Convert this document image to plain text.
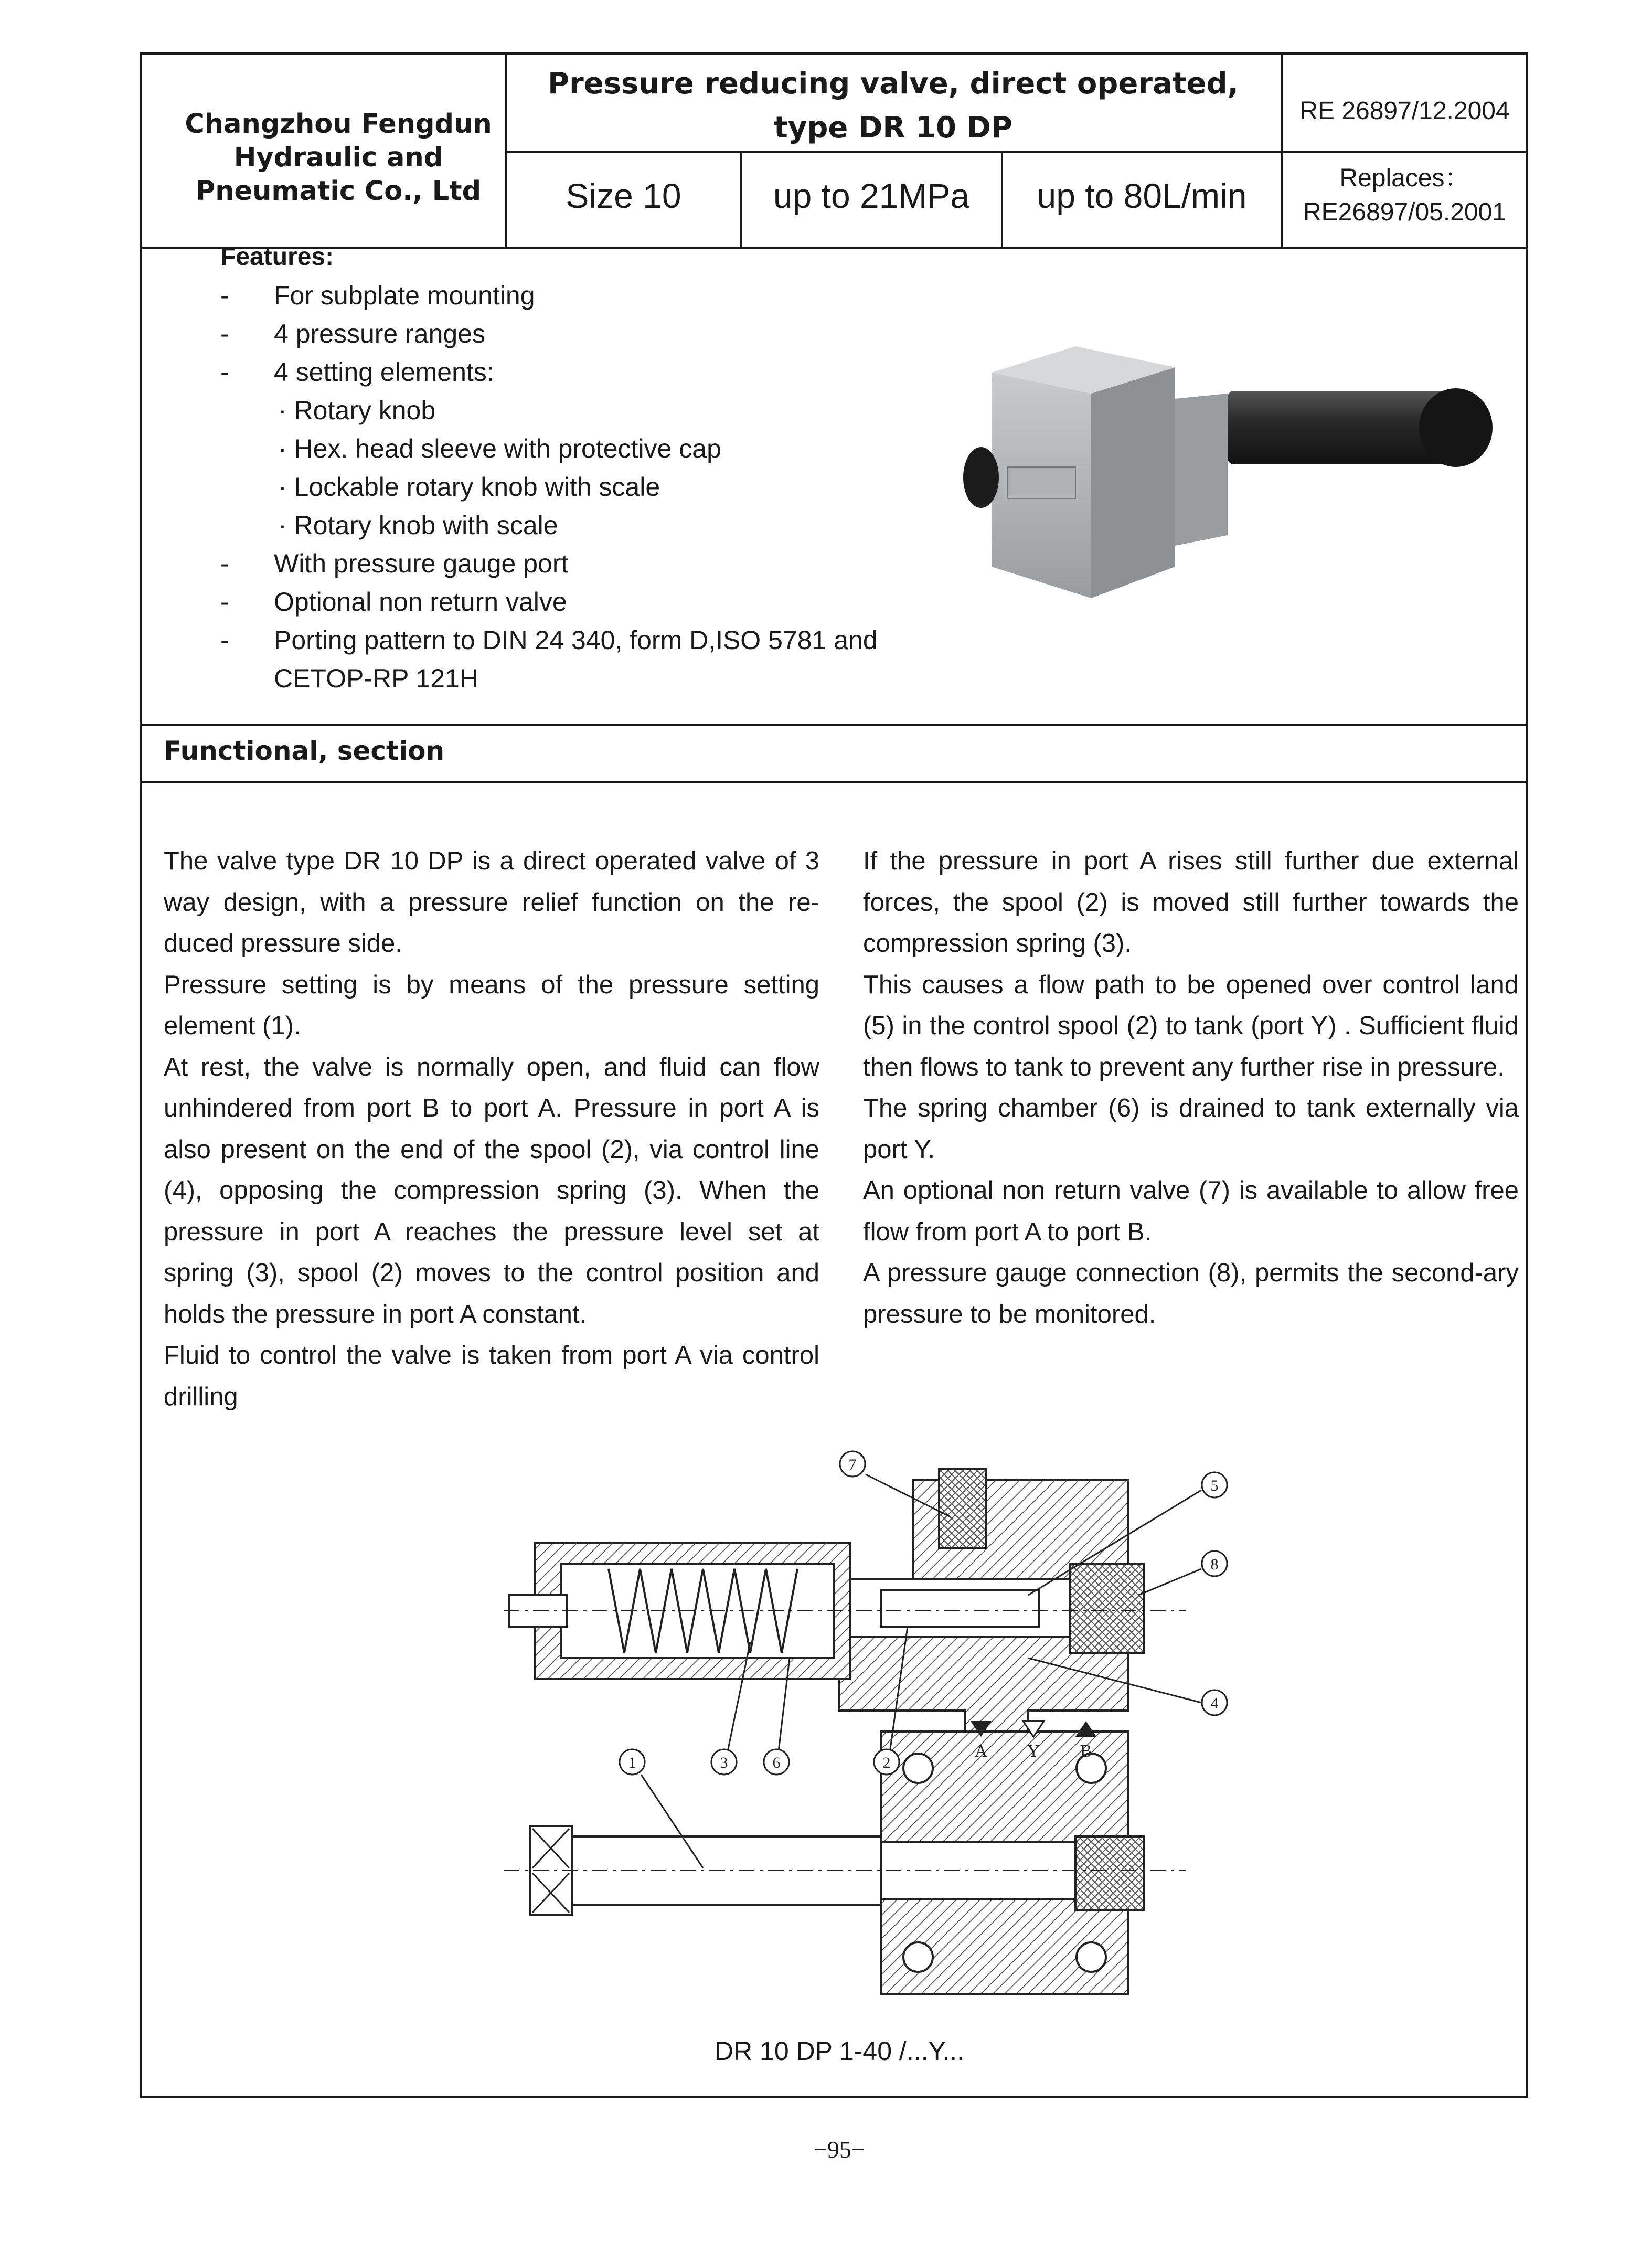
Changzhou Fengdun
Hydraulic and
Pneumatic Co., Ltd
Pressure reducing valve, direct operated,
type DR 10 DP
Size 10	up to 21MPa	up to 80L/min
RE 26897/12.2004
Replaces：
RE26897/05.2001
Features:
- For subplate mounting
- 4 pressure ranges
- 4 setting elements:
· Rotary knob
· Hex. head sleeve with protective cap
· Lockable rotary knob with scale
· Rotary knob with scale
- With pressure gauge port
- Optional non return valve
- Porting pattern to DIN 24 340, form D,ISO 5781 and
CETOP-RP 121H
Functional, section

The valve type DR 10 DP is a direct operated valve of 3 way design, with a pressure relief function on the re-duced pressure side.

Pressure setting is by means of the pressure setting element (1).

At rest, the valve is normally open, and fluid can flow unhindered from port B to port A. Pressure in port A is also present on the end of the spool (2), via control line (4), opposing the compression spring (3). When the pressure in port A reaches the pressure level set at spring (3), spool (2) moves to the control position and holds the pressure in port A constant.

Fluid to control the valve is taken from port A via control drilling

If the pressure in port A rises still further due external forces, the spool (2) is moved still further towards the compression spring (3).

This causes a flow path to be opened over control land (5) in the control spool (2) to tank (port Y) . Sufficient fluid then flows to tank to prevent any further rise in pressure.

The spring chamber (6) is drained to tank externally via port Y.

An optional non return valve (7) is available to allow free flow from port A to port B.

A pressure gauge connection (8), permits the second-ary pressure to be monitored.

A Y B
1	2
3
4
5
6
7
8
DR 10 DP 1-40 /...Y...
−95−
